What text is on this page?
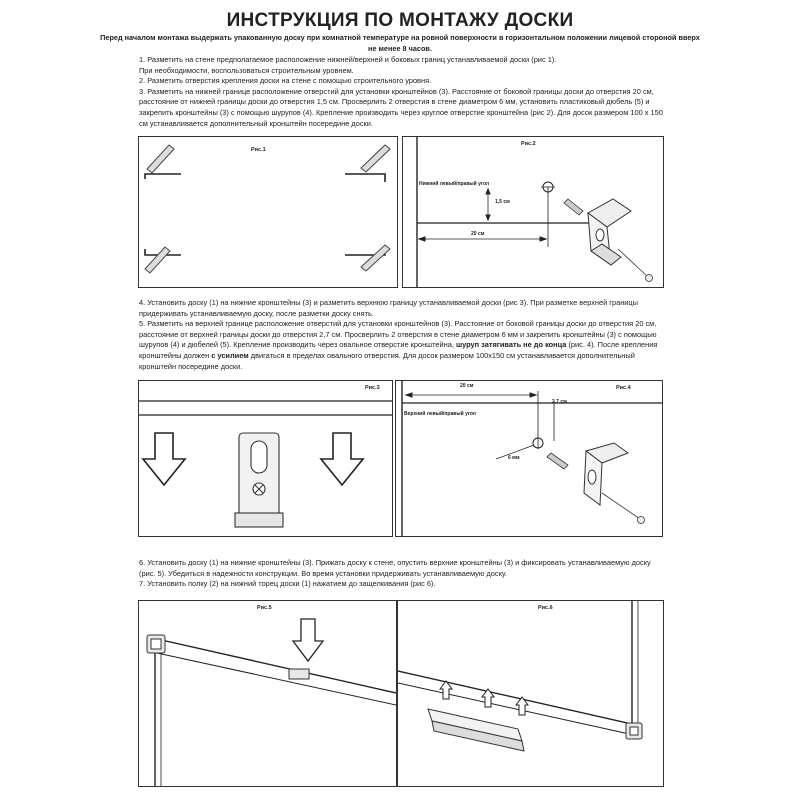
ИНСТРУКЦИЯ ПО МОНТАЖУ ДОСКИ
Перед началом монтажа выдержать упакованную доску при комнатной температуре на ровной поверхности в горизонтальном положении лицевой стороной вверх не менее 8 часов.

1. Разметить на стене предполагаемое расположение нижней/верхней и боковых границ устанавливаемой доски (рис 1).

При необходимости, воспользоваться строительным уровнем.

2. Разметить отверстия крепления доски на стене с помощью строительного уровня.

3. Разметить на нижней границе расположение отверстий для установки кронштейнов (3). Расстояние от боковой границы доски до отверстия 20 см, расстояние от нижней границы доски до отверстия 1,5 см. Просверлить 2 отверстия в стене диаметром 6 мм, установить пластиковый дюбель (5) и закрепить кронштейны (3) с помощью шурупов (4). Крепление производить через круглое отверстие кронштейна (рис 2). Для досок размером 100 х 150 см устанавливается дополнительный кронштейн посередине доски.

Рис.1
Рис.2
Нижний левый/правый угол
1,5 см
20 см

4. Установить доску (1) на нижние кронштейны (3) и разметить верхнюю границу устанавливаемой доски (рис 3). При разметке верхней границы придерживать устанавливаемую доску, после разметки доску снять.

5. Разметить на верхней границе расположение отверстий для установки кронштейнов (3). Расстояние от боковой границы доски до отверстия 20 см, расстояние от верхней границы доски до отверстия 2,7 см. Просверлить 2 отверстия в стене диаметром 6 мм и закрепить кронштейны (3) с помощью шурупов (4) и дюбелей (5). Крепление производить через овальное отверстие кронштейна, шуруп затягивать не до конца (рис. 4). После крепления кронштейны должен с усилием двигаться в пределах овального отверстия. Для досок размером 100х150 см устанавливается дополнительный кронштейн посередине доски.

Рис.3	Рис.4
20 см
2,7 см
Верхний левый/правый угол
6 мм

6. Установить доску (1) на нижние кронштейны (3). Прижать доску к стене, опустить верхние кронштейны (3) и фиксировать устанавливаемую доску (рис. 5). Убедиться в надежности конструкции. Во время установки придерживать устанавливаемую доску.

7. Установить полку (2) на нижний торец доски (1) нажатием до защелкивания (рис 6).

Рис.5	Рис.6
